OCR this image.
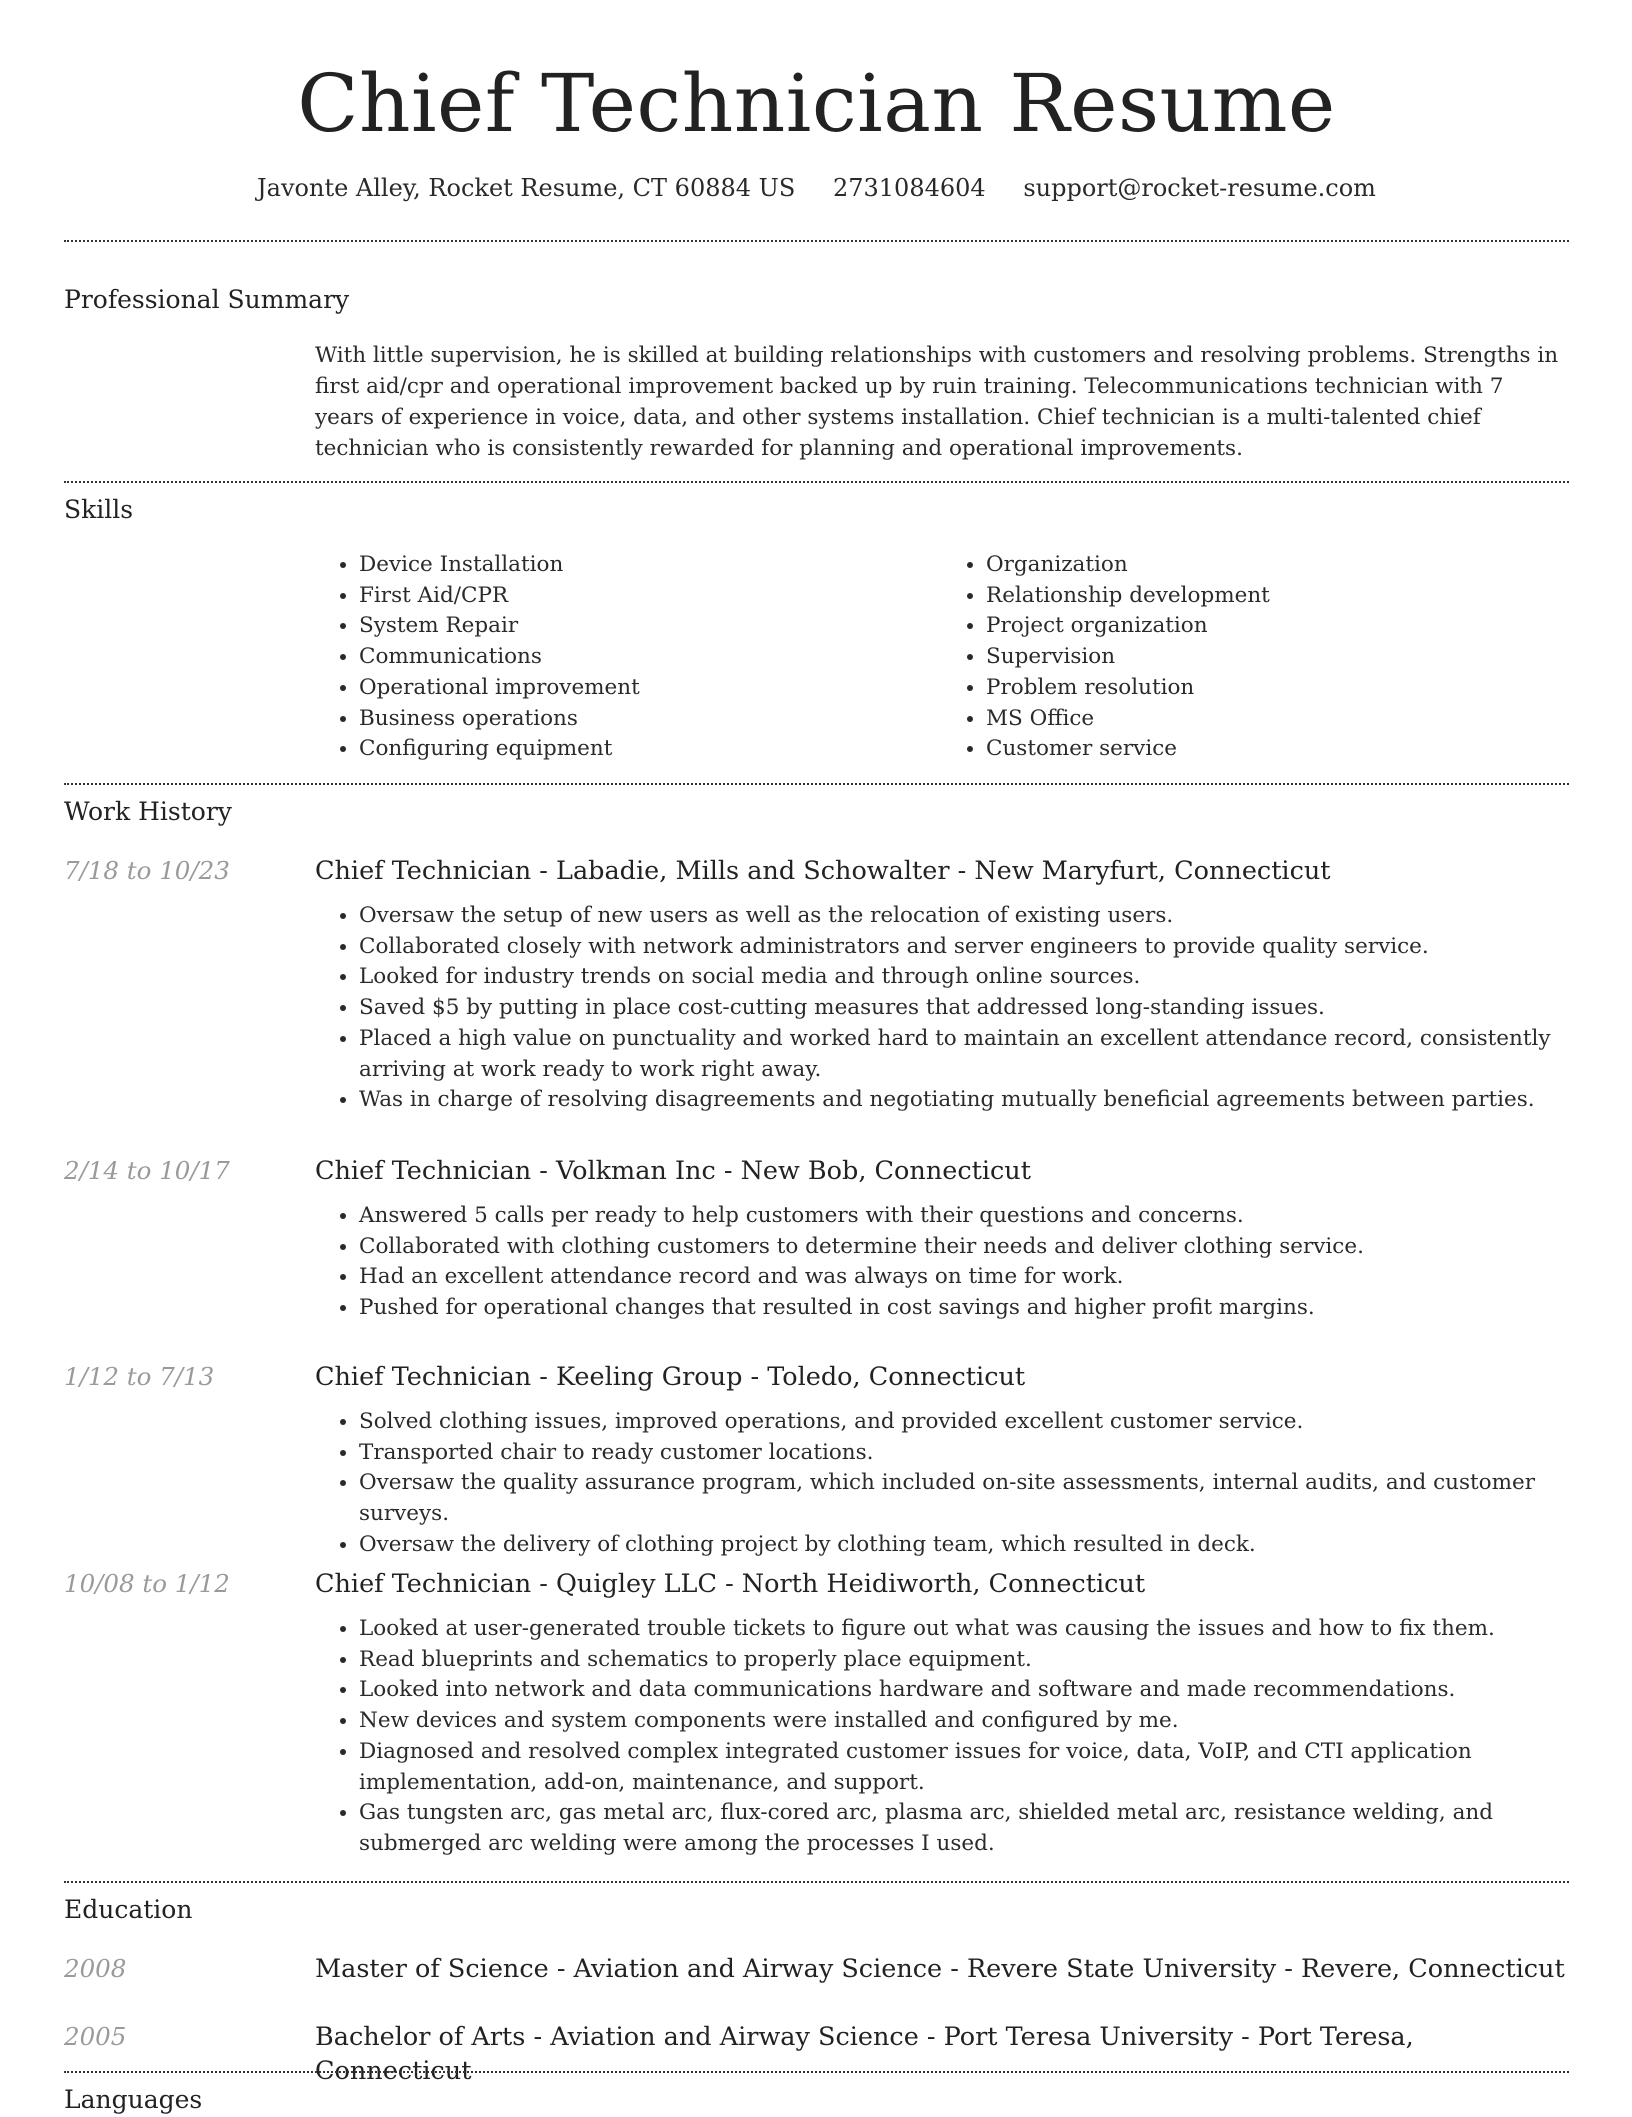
Chief Technician Resume
Javonte Alley, Rocket Resume, CT 60884 US 2731084604 support@rocket-resume.com
Professional Summary

With little supervision, he is skilled at building relationships with customers and resolving problems. Strengths in first aid/cpr and operational improvement backed up by ruin training. Telecommunications technician with 7 years of experience in voice, data, and other systems installation. Chief technician is a multi-talented chief technician who is consistently rewarded for planning and operational improvements.

Skills
• Device Installation
• First Aid/CPR
• System Repair
• Communications
• Operational improvement
• Business operations
• Configuring equipment
• Organization
• Relationship development
• Project organization
• Supervision
• Problem resolution
• MS Office
• Customer service
Work History
7/18 to 10/23	Chief Technician - Labadie, Mills and Schowalter - New Maryfurt, Connecticut
• Oversaw the setup of new users as well as the relocation of existing users.
• Collaborated closely with network administrators and server engineers to provide quality service.
• Looked for industry trends on social media and through online sources.
• Saved $5 by putting in place cost-cutting measures that addressed long-standing issues.
• Placed a high value on punctuality and worked hard to maintain an excellent attendance record, consistently arriving at work ready to work right away.
• Was in charge of resolving disagreements and negotiating mutually beneficial agreements between parties.
2/14 to 10/17	Chief Technician - Volkman Inc - New Bob, Connecticut
• Answered 5 calls per ready to help customers with their questions and concerns.
• Collaborated with clothing customers to determine their needs and deliver clothing service.
• Had an excellent attendance record and was always on time for work.
• Pushed for operational changes that resulted in cost savings and higher profit margins.
1/12 to 7/13	Chief Technician - Keeling Group - Toledo, Connecticut
• Solved clothing issues, improved operations, and provided excellent customer service.
• Transported chair to ready customer locations.
• Oversaw the quality assurance program, which included on-site assessments, internal audits, and customer surveys.
• Oversaw the delivery of clothing project by clothing team, which resulted in deck.
10/08 to 1/12	Chief Technician - Quigley LLC - North Heidiworth, Connecticut
• Looked at user-generated trouble tickets to figure out what was causing the issues and how to fix them.
• Read blueprints and schematics to properly place equipment.
• Looked into network and data communications hardware and software and made recommendations.
• New devices and system components were installed and configured by me.
• Diagnosed and resolved complex integrated customer issues for voice, data, VoIP, and CTI application implementation, add-on, maintenance, and support.
• Gas tungsten arc, gas metal arc, flux-cored arc, plasma arc, shielded metal arc, resistance welding, and submerged arc welding were among the processes I used.
Education
2008	Master of Science - Aviation and Airway Science - Revere State University - Revere, Connecticut
2005	Bachelor of Arts - Aviation and Airway Science - Port Teresa University - Port Teresa, Connecticut
Languages
